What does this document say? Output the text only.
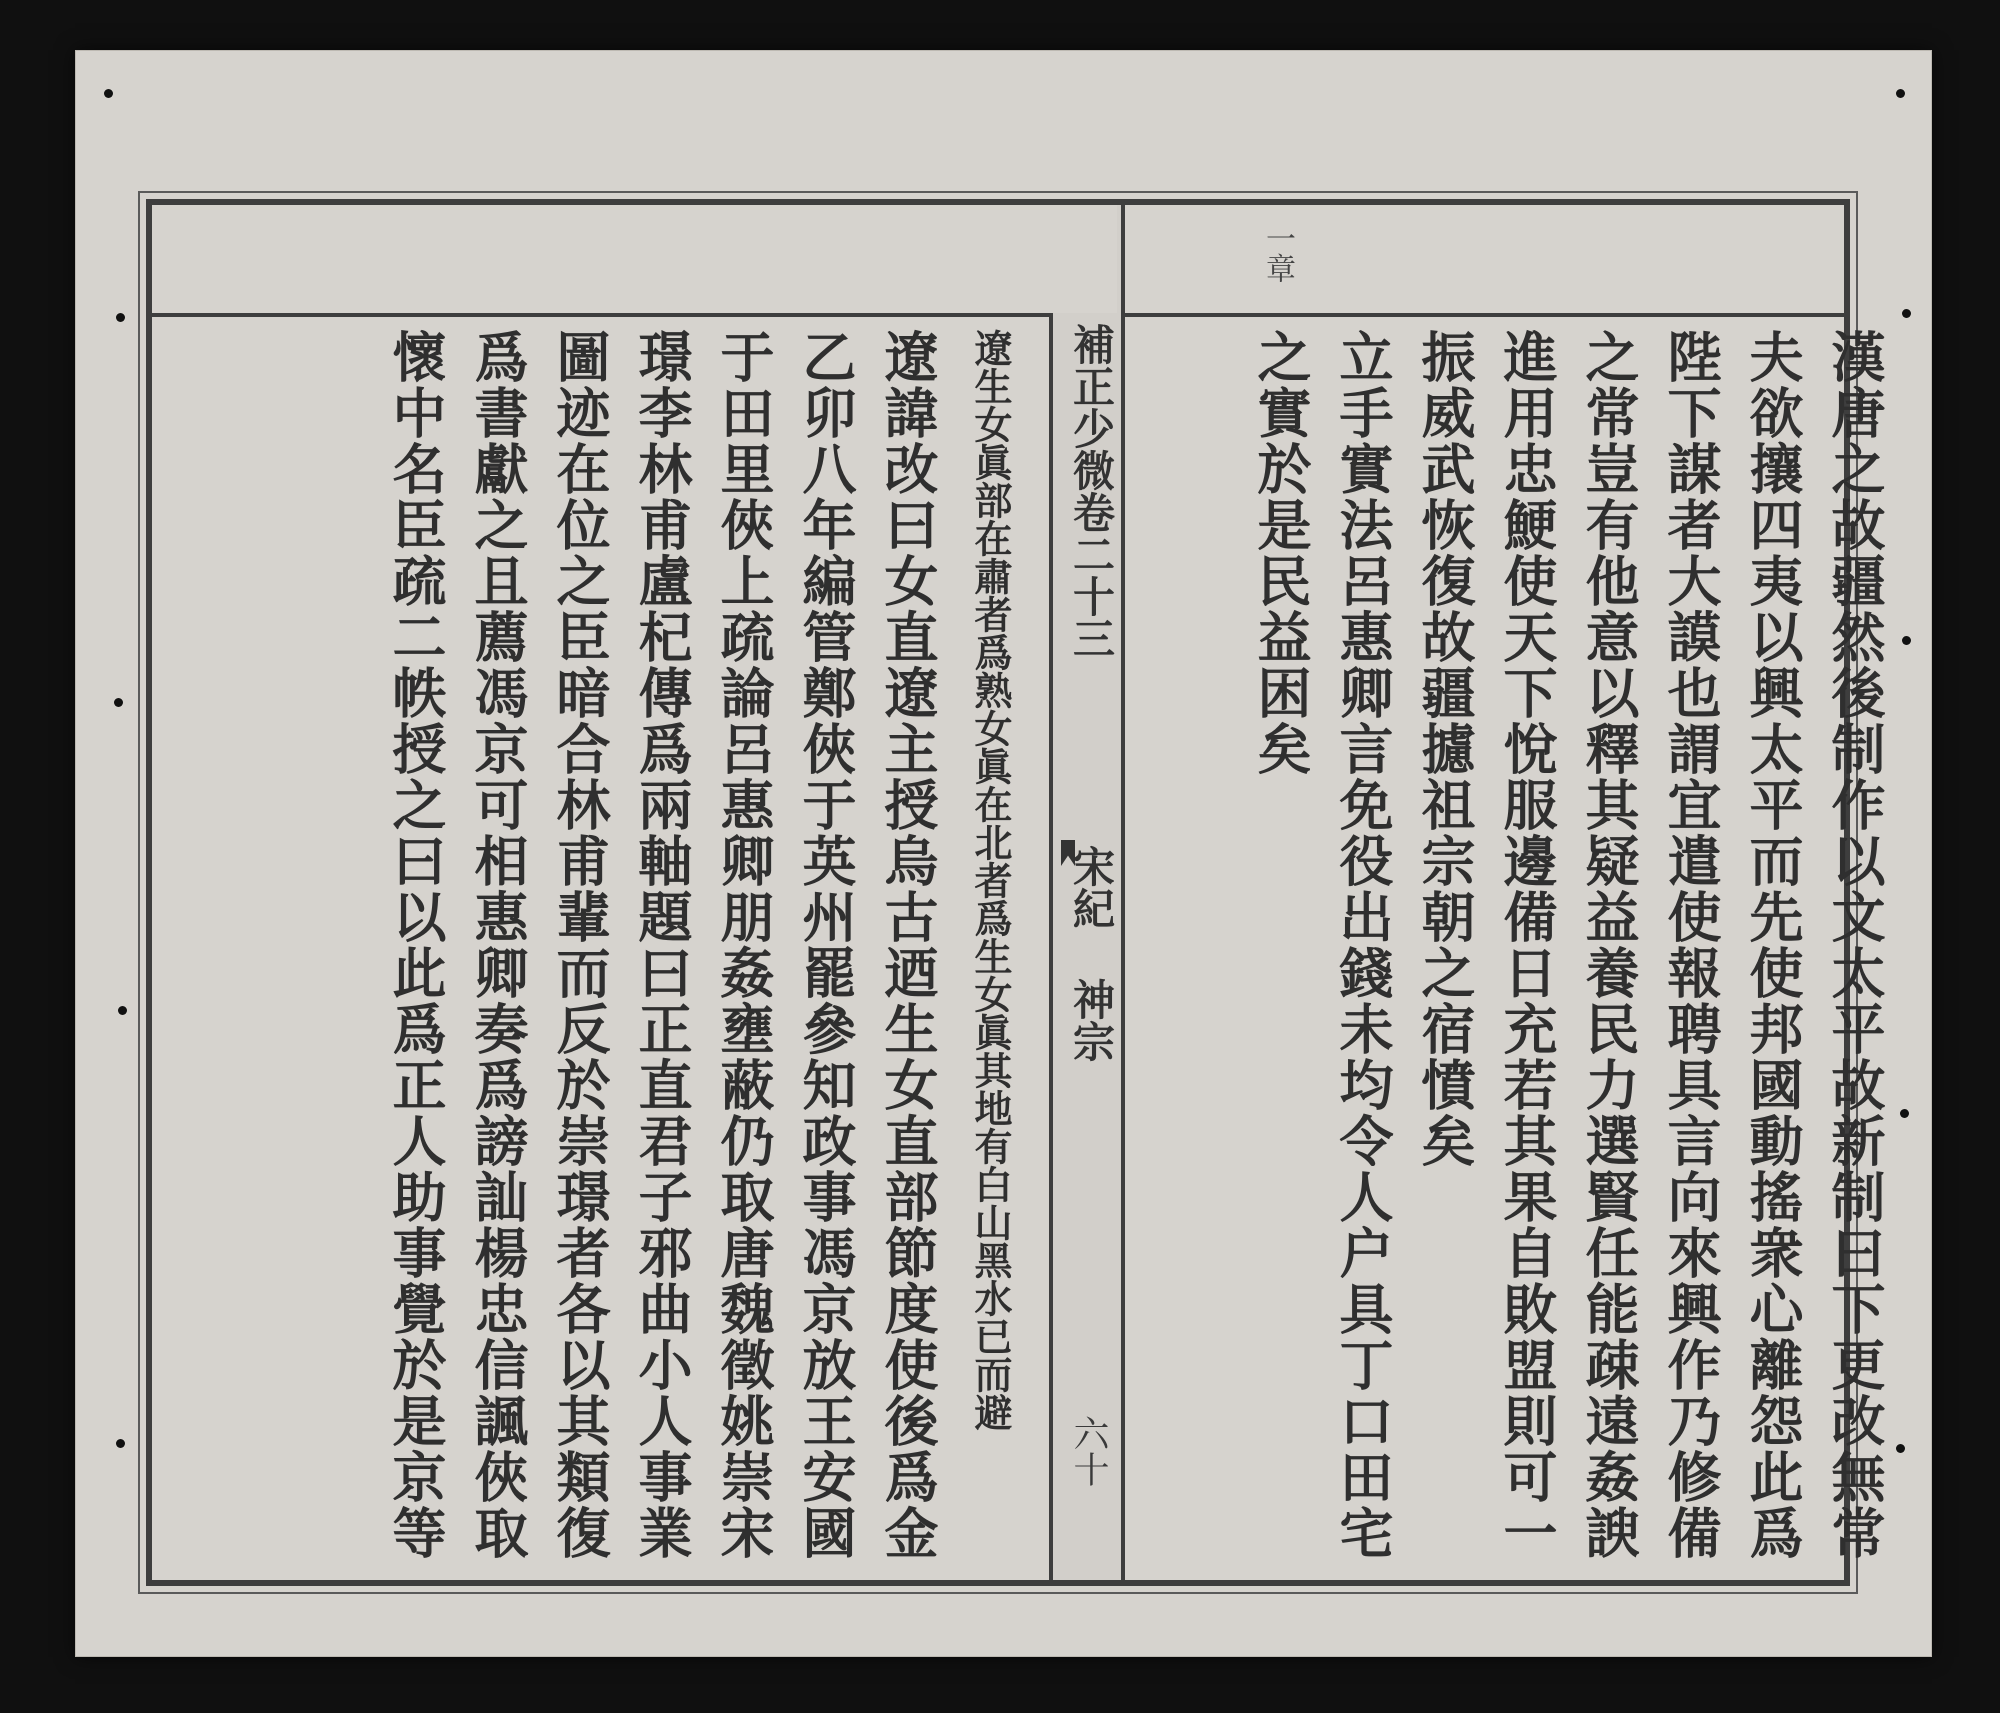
補正少微卷二十三
宋紀 神宗
六十
一章
漢唐之故疆然後制作以文太平故新制曰下更改無常
夫欲攘四夷以興太平而先使邦國動搖衆心離怨此爲
陛下謀者大謨也謂宜遣使報聘具言向來興作乃修備
之常豈有他意以釋其疑益養民力選賢任能疎遠姦諛
進用忠鯁使天下悅服邊備日充若其果自敗盟則可一
振威武恢復故疆攄祖宗朝之宿憤矣
立手實法呂惠卿言免役出錢未均令人户具丁口田宅
之實於是民益困矣
遼生女眞部在肅者爲熟女眞在北者爲生女眞其地有白山黑水已而避
遼諱改曰女直遼主授烏古迺生女直部節度使後爲金
乙卯八年編管鄭俠于英州罷參知政事馮京放王安國
于田里俠上疏論呂惠卿朋姦壅蔽仍取唐魏徵姚崇宋
璟李林甫盧杞傳爲兩軸題曰正直君子邪曲小人事業
圖迹在位之臣暗合林甫輩而反於崇璟者各以其類復
爲書獻之且薦馮京可相惠卿奏爲謗訕楊忠信諷俠取
懷中名臣疏二帙授之曰以此爲正人助事覺於是京等
